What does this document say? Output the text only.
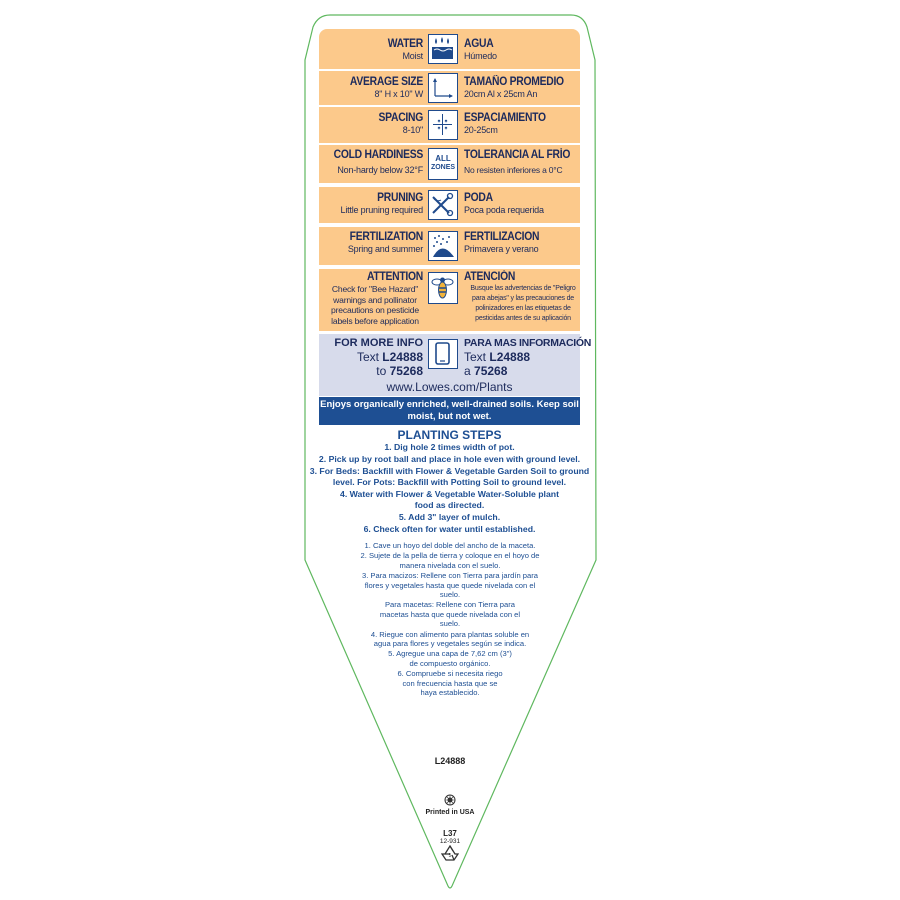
WATER
Moist
AGUA
Húmedo
AVERAGE SIZE
8" H x 10" W
TAMAÑO PROMEDIO
20cm Al x 25cm An
SPACING
8-10"
ESPACIAMIENTO
20-25cm
COLD HARDINESS
Non-hardy below 32°F
ALL
ZONES
TOLERANCIA AL FRÍO
No resisten inferiores a 0°C
PRUNING
Little pruning required
PODA
Poca poda requerida
FERTILIZATION
Spring and summer
FERTILIZACION
Primavera y verano
ATTENTION
Check for "Bee Hazard" warnings and pollinator precautions on pesticide labels before application
ATENCIÓN
Busque las advertencias de "Peligro para abejas" y las precauciones de polinizadores en las etiquetas de pesticidas antes de su aplicación
FOR MORE INFO
Text L24888
to 75268
PARA MAS INFORMACIÓN
Text L24888
a 75268
www.Lowes.com/Plants
Enjoys organically enriched, well-drained soils. Keep soil moist, but not wet.
PLANTING STEPS
1. Dig hole 2 times width of pot.
2. Pick up by root ball and place in hole even with ground level.
3. For Beds: Backfill with Flower & Vegetable Garden Soil to ground level. For Pots: Backfill with Potting Soil to ground level.
4. Water with Flower & Vegetable Water-Soluble plant food as directed.
5. Add 3" layer of mulch.
6. Check often for water until established.
1. Cave un hoyo del doble del ancho de la maceta.
2. Sujete de la pella de tierra y coloque en el hoyo de manera nivelada con el suelo.
3. Para macizos: Rellene con Tierra para jardín para flores y vegetales hasta que quede nivelada con el suelo.
Para macetas: Rellene con Tierra para macetas hasta que quede nivelada con el suelo.
4. Riegue con alimento para plantas soluble en agua para flores y vegetales según se indica.
5. Agregue una capa de 7,62 cm (3") de compuesto orgánico.
6. Compruebe si necesita riego con frecuencia hasta que se haya establecido.
L24888
Printed in USA
L37
12-931
5
